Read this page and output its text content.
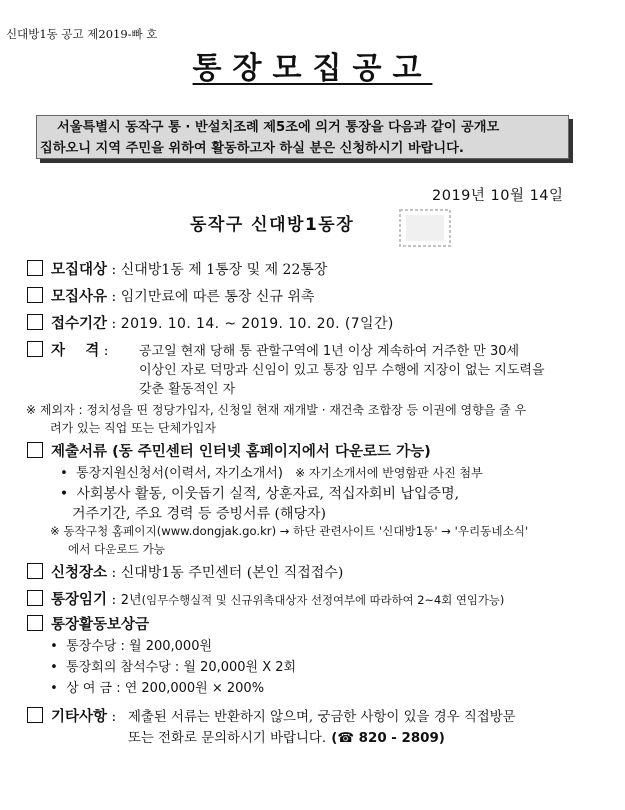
신대방1동 공고 제2019-빠 호
통장모집공고
서울특별시 동작구 통 · 반설치조례 제5조에 의거 통장을 다음과 같이 공개모
집하오니 지역 주민을 위하여 활동하고자 하실 분은 신청하시기 바랍니다.
2019년 10월 14일
동작구 신대방1동장
모집대상 : 신대방1동 제 1통장 및 제 22통장
모집사유 : 임기만료에 따른 통장 신규 위촉
접수기간 : 2019. 10. 14. ~ 2019. 10. 20. (7일간)
자    격 : 공고일 현재 당해 통 관할구역에 1년 이상 계속하여 거주한 만 30세
이상인 자로 덕망과 신임이 있고 통장 임무 수행에 지장이 없는 지도력을
갖춘 활동적인 자
※ 제외자 : 정치성을 띤 정당가입자, 신청일 현재 재개발 · 재건축 조합장 등 이권에 영향을 줄 우
려가 있는 직업 또는 단체가입자
제출서류 (동 주민센터 인터넷 홈페이지에서 다운로드 가능)
• 통장지원신청서(이력서, 자기소개서) ※ 자기소개서에 반영함판 사진 첨부
• 사회봉사 활동, 이웃돕기 실적, 상훈자료, 적십자회비 납입증명,
거주기간, 주요 경력 등 증빙서류 (해당자)
※ 동작구청 홈페이지(www.dongjak.go.kr) → 하단 관련사이트 '신대방1동' → '우리동네소식'
에서 다운로드 가능
신청장소 : 신대방1동 주민센터 (본인 직접접수)
통장임기 : 2년(임무수행실적 및 신규위촉대상자 선정여부에 따라하여 2~4회 연임가능)
통장활동보상금
• 통장수당 : 월 200,000원
• 통장회의 참석수당 : 월 20,000원 X 2회
• 상 여 금 : 연 200,000원 × 200%
기타사항 : 제출된 서류는 반환하지 않으며, 궁금한 사항이 있을 경우 직접방문
또는 전화로 문의하시기 바랍니다. (☎ 820 - 2809)
